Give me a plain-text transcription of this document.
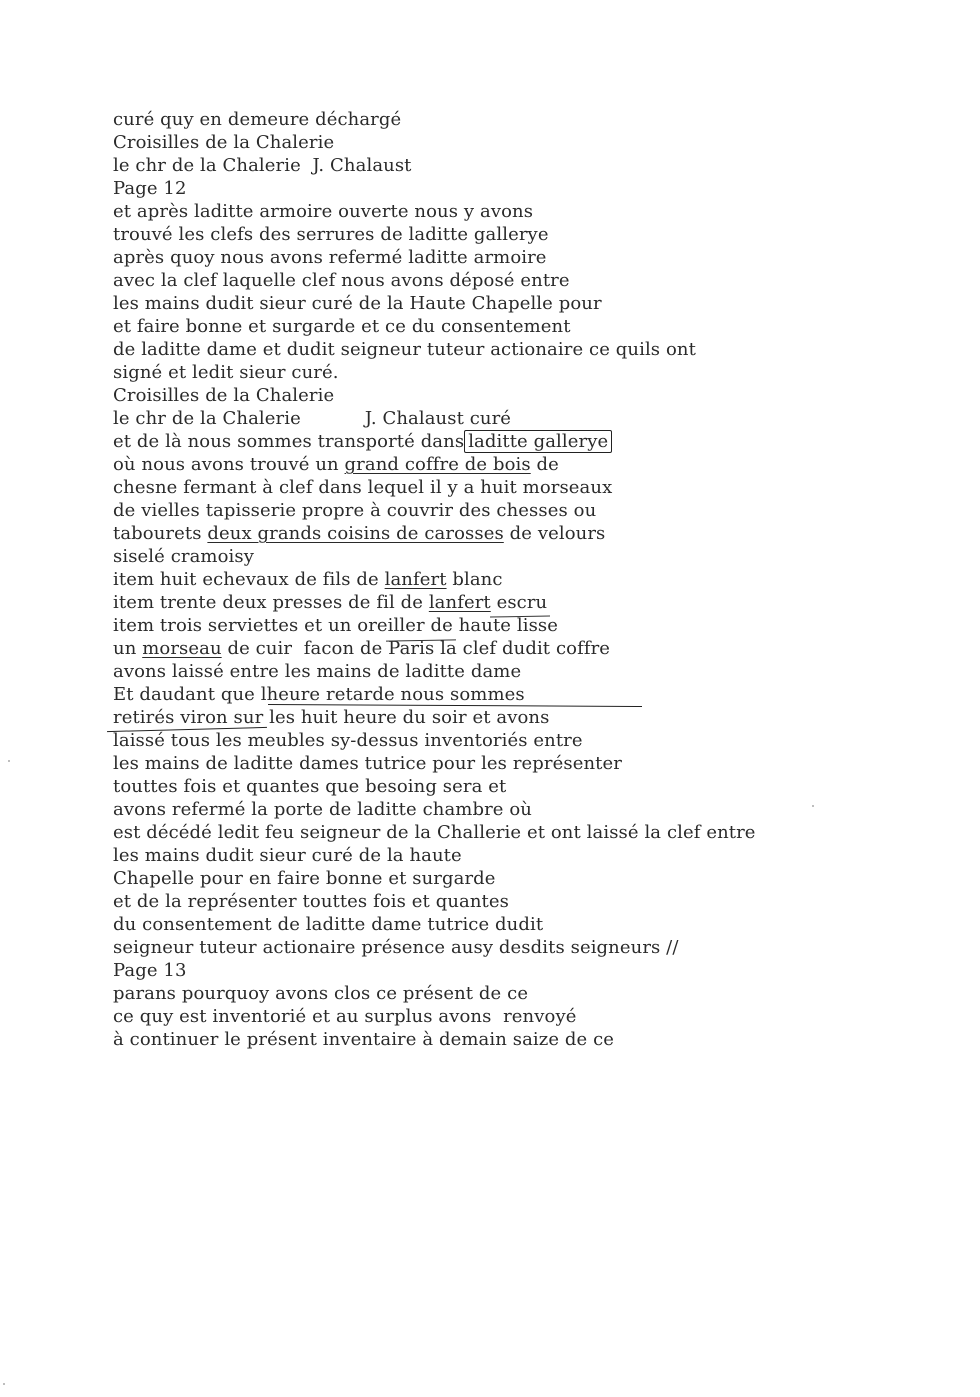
curé quy en demeure déchargé
Croisilles de la Chalerie
le chr de la Chalerie  J. Chalaust
Page 12
et après laditte armoire ouverte nous y avons
trouvé les clefs des serrures de laditte gallerye
après quoy nous avons refermé laditte armoire
avec la clef laquelle clef nous avons déposé entre
les mains dudit sieur curé de la Haute Chapelle pour
et faire bonne et surgarde et ce du consentement
de laditte dame et dudit seigneur tuteur actionaire ce quils ont
signé et ledit sieur curé.
Croisilles de la Chalerie
le chr de la Chalerie           J. Chalaust curé
et de là nous sommes transporté dans laditte gallerye
où nous avons trouvé un grand coffre de bois de
chesne fermant à clef dans lequel il y a huit morseaux
de vielles tapisserie propre à couvrir des chesses ou
tabourets deux grands coisins de carosses de velours
siselé cramoisy
item huit echevaux de fils de lanfert blanc
item trente deux presses de fil de lanfert escru
item trois serviettes et un oreiller de haute lisse
un morseau de cuir  facon de Paris la clef dudit coffre
avons laissé entre les mains de laditte dame
Et daudant que lheure retarde nous sommes
retirés viron sur les huit heure du soir et avons
laissé tous les meubles sy-dessus inventoriés entre
les mains de laditte dames tutrice pour les représenter
touttes fois et quantes que besoing sera et
avons refermé la porte de laditte chambre où
est décédé ledit feu seigneur de la Challerie et ont laissé la clef entre
les mains dudit sieur curé de la haute
Chapelle pour en faire bonne et surgarde
et de la représenter touttes fois et quantes
du consentement de laditte dame tutrice dudit
seigneur tuteur actionaire présence ausy desdits seigneurs //
Page 13
parans pourquoy avons clos ce présent de ce
ce quy est inventorié et au surplus avons  renvoyé
à continuer le présent inventaire à demain saize de ce
